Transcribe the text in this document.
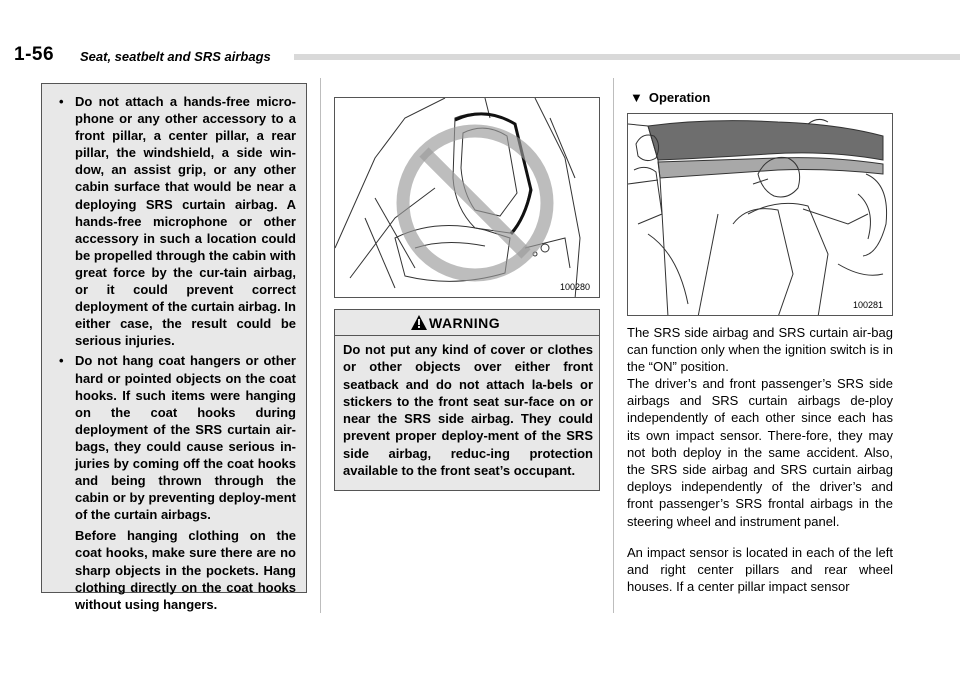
1-56 Seat, seatbelt and SRS airbags
• Do not attach a hands-free micro-phone or any other accessory to a front pillar, a center pillar, a rear pillar, the windshield, a side win-dow, an assist grip, or any other cabin surface that would be near a deploying SRS curtain airbag. A hands-free microphone or other accessory in such a location could be propelled through the cabin with great force by the cur-tain airbag, or it could prevent correct deployment of the curtain airbag. In either case, the result could be serious injuries.
• Do not hang coat hangers or other hard or pointed objects on the coat hooks. If such items were hanging on the coat hooks during deployment of the SRS curtain air-bags, they could cause serious in-juries by coming off the coat hooks and being thrown through the cabin or by preventing deploy-ment of the curtain airbags.
Before hanging clothing on the coat hooks, make sure there are no sharp objects in the pockets. Hang clothing directly on the coat hooks without using hangers.
100280
WARNING
Do not put any kind of cover or clothes or other objects over either front seatback and do not attach la-bels or stickers to the front seat sur-face on or near the SRS side airbag. They could prevent proper deploy-ment of the SRS side airbag, reduc-ing protection available to the front seat’s occupant.
▼ Operation
100281
The SRS side airbag and SRS curtain air-bag can function only when the ignition switch is in the “ON” position.
The driver’s and front passenger’s SRS side airbags and SRS curtain airbags de-ploy independently of each other since each has its own impact sensor. There-fore, they may not both deploy in the same accident. Also, the SRS side airbag and SRS curtain airbag deploys independently of the driver’s and front passenger’s SRS frontal airbags in the steering wheel and instrument panel.
An impact sensor is located in each of the left and right center pillars and rear wheel houses. If a center pillar impact sensor
